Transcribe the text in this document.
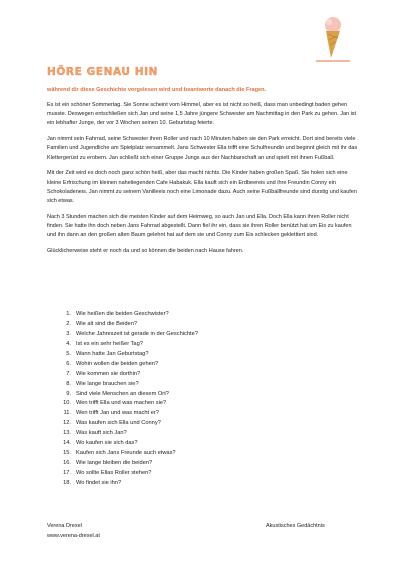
HÖRE GENAU HIN
während dir diese Geschichte vorgelesen wird und beantworte danach die Fragen.

Es ist ein schöner Sommertag. Sie Sonne scheint vom Himmel, aber es ist nicht so heiß, dass man unbedingt baden gehen musste. Deswegen entschließen sich Jan und seine 1,5 Jahre jüngere Schwester am Nachmittag in den Park zu gehen. Jan ist ein lebhafter Junge, der vor 3 Wochen seinen 10. Geburtstag feierte.

Jan nimmt sein Fahrrad, seine Schwester ihren Roller und nach 10 Minuten haben sie den Park erreicht. Dort sind bereits viele Familien und Jugendliche am Spielplatz versammelt. Jans Schwester Ella trifft eine Schulfreundin und beginnt gleich mit ihr das Klettergerüst zu erobern. Jan schließt sich einer Gruppe Jungs aus der Nachbarschaft an und spielt mit ihnen Fußball.

Mit der Zeit wird es doch noch ganz schön heiß, aber das macht nichts. Die Kinder haben großen Spaß. Sie holen sich eine kleine Erfrischung im kleinen naheliegenden Cafe Habakuk. Ella kauft sich ein Erdbeereis und ihre Freundin Conny ein Schokoladeneis. Jan nimmt zu seinem Vanilleeis noch eine Limonade dazu. Auch seine Fußballfreunde sind durstig und kaufen sich etwas.

Nach 3 Stunden machen sich die meisten Kinder auf dem Heimweg, so auch Jan und Ella. Doch Ella kann ihren Roller nicht finden. Sie hatte ihn doch neben Jans Fahrrad abgestellt. Dann fiel ihr ein, dass sie ihren Roller benützt hat um Eis zu kaufen und ihn dann an den großen alten Baum gelehnt hat auf dem sie und Conny zum Eis schlecken gekletttert sind.

Glücklicherweise steht er noch da und so können die beiden nach Hause fahren.

1. Wie heißen die beiden Geschwister?
2. Wie alt sind die Beiden?
3. Welche Jahreszeit ist gerade in der Geschichte?
4. Ist es ein sehr heißer Tag?
5. Wann hatte Jan Geburtstag?
6. Wohin wollen die beiden gehen?
7. Wie kommen sie dorthin?
8. Wie lange brauchen sie?
9. Sind viele Menschen an diesem Ort?
10. Wen trifft Ella und was machen sie?
11. Wen trifft Jan und was macht er?
12. Was kaufen sich Ella und Conny?
13. Was kauft sich Jan?
14. Wo kaufen sie sich das?
15. Kaufen sich Jans Freunde auch etwas?
16. Wie lange bleiben die beiden?
17. Wo sollte Ellas Roller stehen?
18. Wo findet sie ihn?
Verena Drexel
www.verena-drexel.at
Akustisches Gedächtnis
